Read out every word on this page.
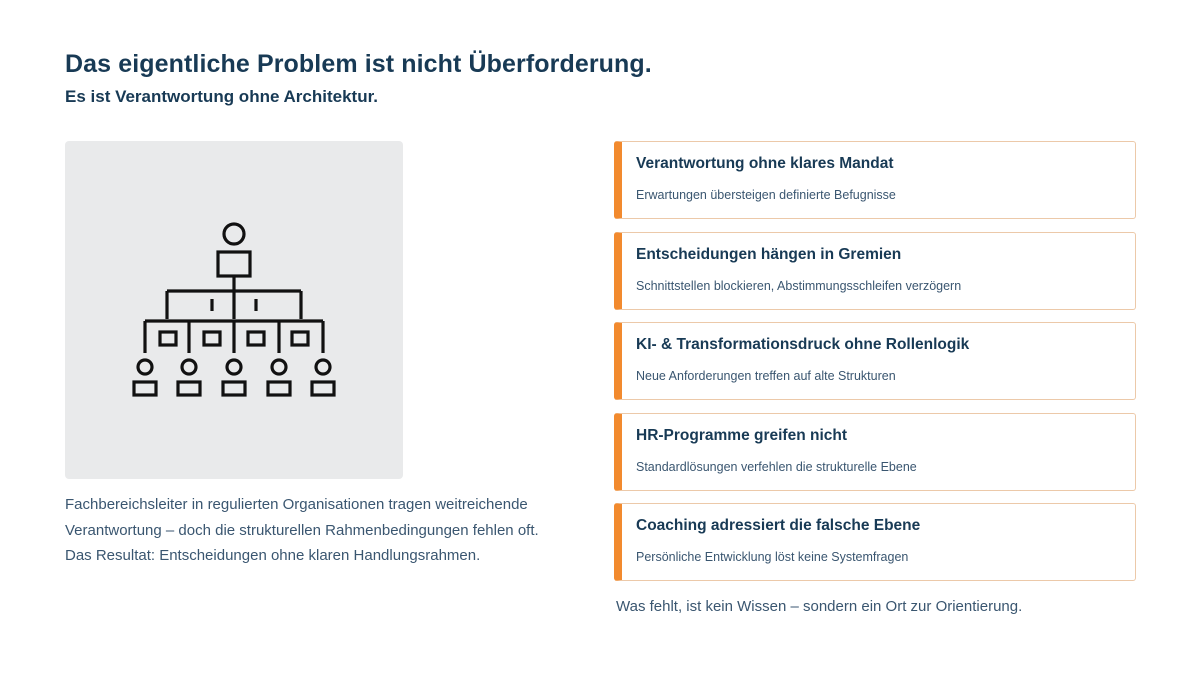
Das eigentliche Problem ist nicht Überforderung.
Es ist Verantwortung ohne Architektur.
Fachbereichsleiter in regulierten Organisationen tragen weitreichende
Verantwortung – doch die strukturellen Rahmenbedingungen fehlen oft.
Das Resultat: Entscheidungen ohne klaren Handlungsrahmen.
Verantwortung ohne klares Mandat
Erwartungen übersteigen definierte Befugnisse
Entscheidungen hängen in Gremien
Schnittstellen blockieren, Abstimmungsschleifen verzögern
KI- & Transformationsdruck ohne Rollenlogik
Neue Anforderungen treffen auf alte Strukturen
HR-Programme greifen nicht
Standardlösungen verfehlen die strukturelle Ebene
Coaching adressiert die falsche Ebene
Persönliche Entwicklung löst keine Systemfragen
Was fehlt, ist kein Wissen – sondern ein Ort zur Orientierung.
